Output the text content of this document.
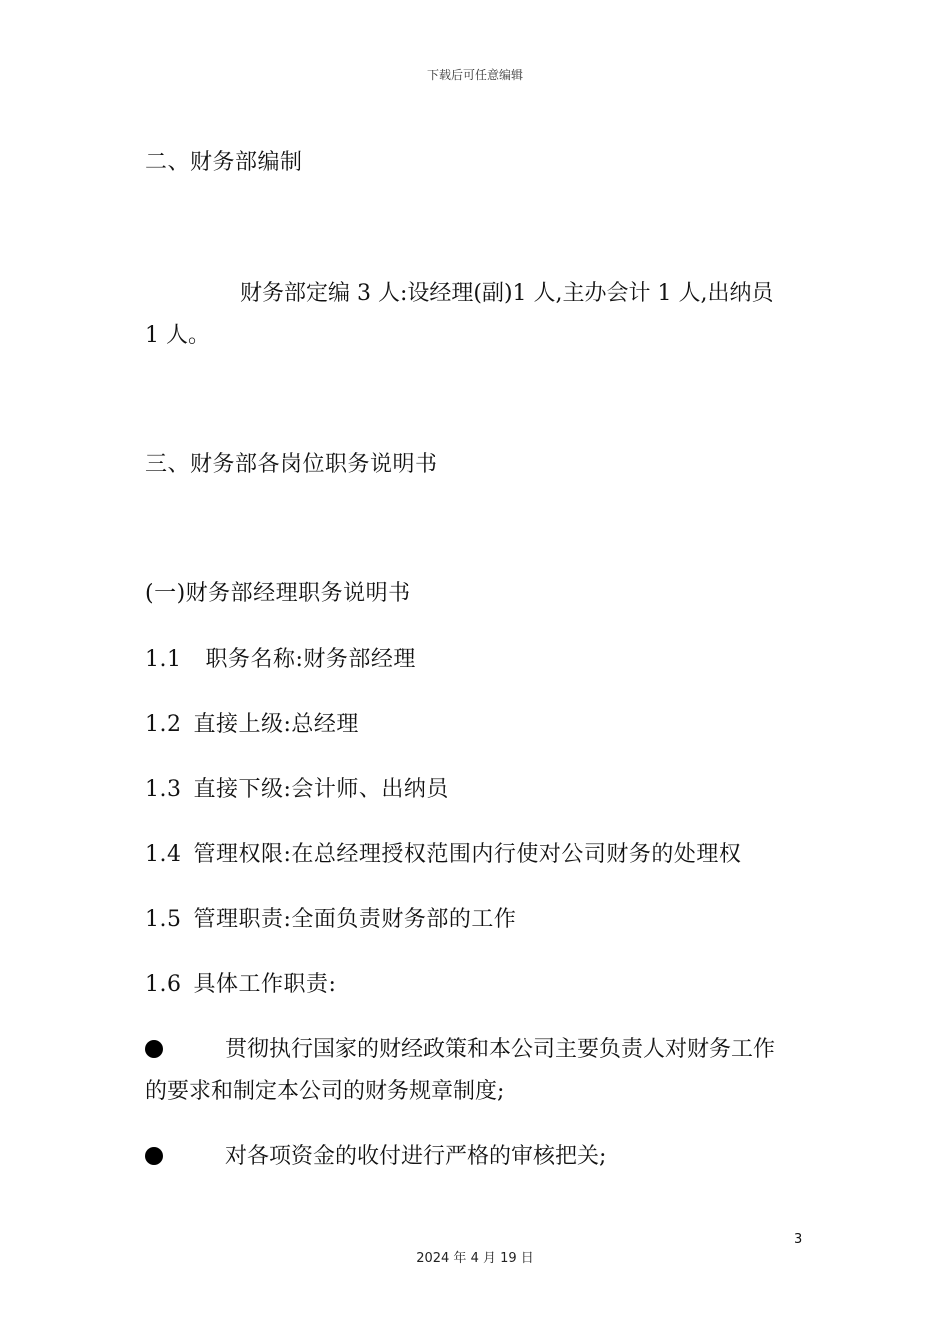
下载后可任意编辑
二、财务部编制
财务部定编 3 人:设经理(副)1 人,主办会计 1 人,出纳员
1 人。
三、财务部各岗位职务说明书
(一)财务部经理职务说明书
1.1 职务名称:财务部经理
1.2 直接上级:总经理
1.3 直接下级:会计师、出纳员
1.4 管理权限:在总经理授权范围内行使对公司财务的处理权
1.5 管理职责:全面负责财务部的工作
1.6 具体工作职责:
贯彻执行国家的财经政策和本公司主要负责人对财务工作
的要求和制定本公司的财务规章制度;
对各项资金的收付进行严格的审核把关;
3
2024 年 4 月 19 日
